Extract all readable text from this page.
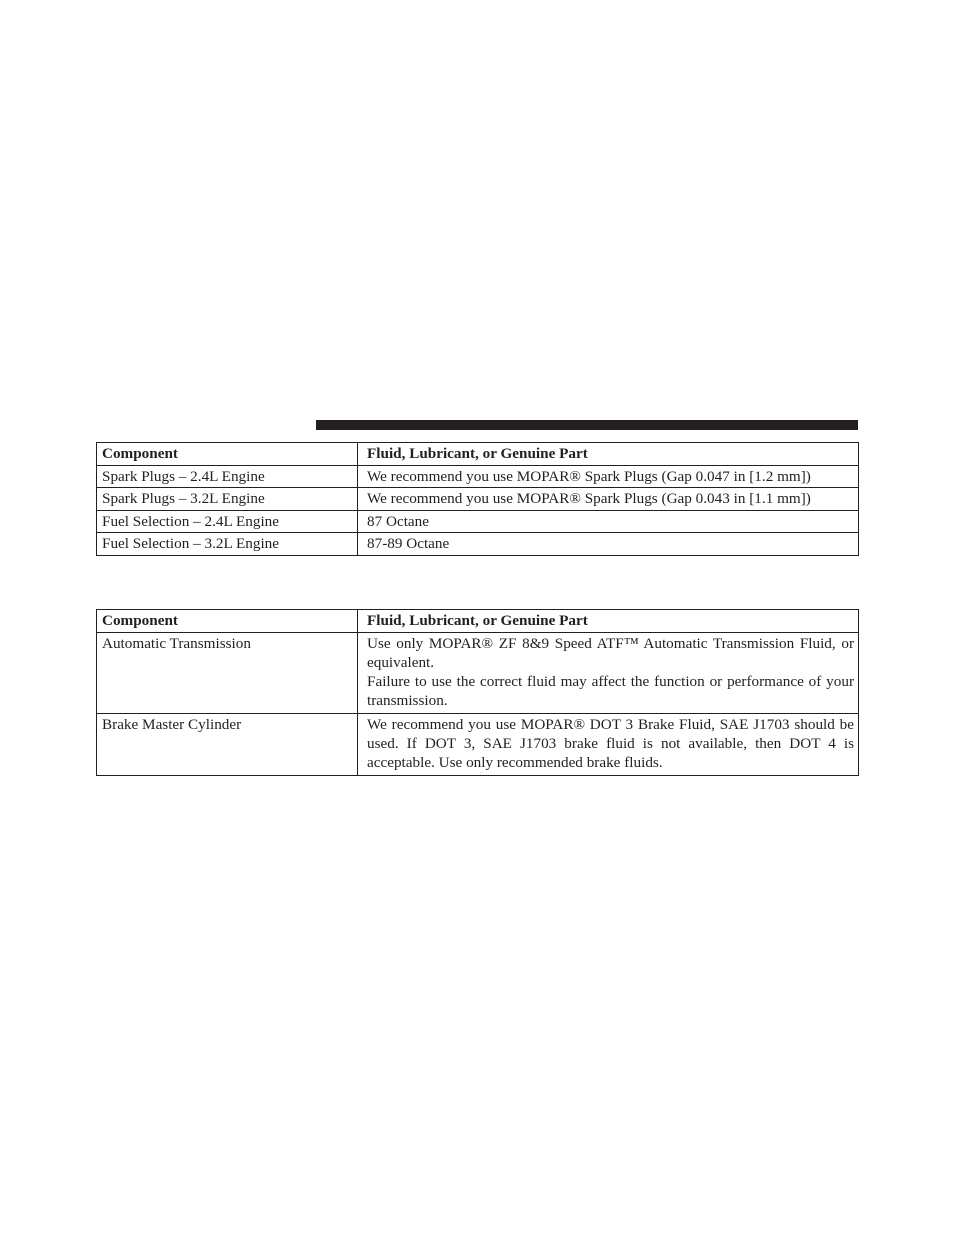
Component	Fluid, Lubricant, or Genuine Part
Spark Plugs – 2.4L Engine	We recommend you use MOPAR® Spark Plugs (Gap 0.047 in [1.2 mm])
Spark Plugs – 3.2L Engine	We recommend you use MOPAR® Spark Plugs (Gap 0.043 in [1.1 mm])
Fuel Selection – 2.4L Engine	87 Octane
Fuel Selection – 3.2L Engine	87-89 Octane
Component	Fluid, Lubricant, or Genuine Part
Automatic Transmission	Use only MOPAR® ZF 8&9 Speed ATF™ Automatic Transmission Fluid, or equivalent.
Failure to use the correct fluid may affect the function or performance of your transmission.

Brake Master Cylinder	We recommend you use MOPAR® DOT 3 Brake Fluid, SAE J1703 should be used. If DOT 3, SAE J1703 brake fluid is not available, then DOT 4 is acceptable. Use only recommended brake fluids.
